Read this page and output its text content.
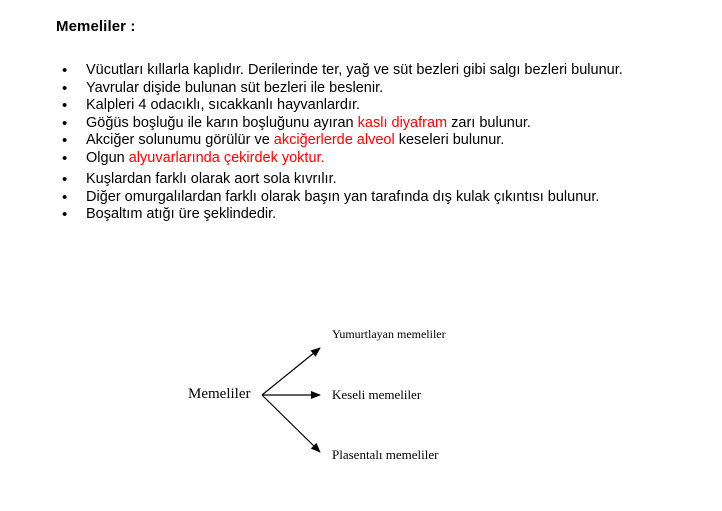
Memeliler :
• Vücutları kıllarla kaplıdır. Derilerinde ter, yağ ve süt bezleri gibi salgı bezleri bulunur.
• Yavrular dişide bulunan süt bezleri ile beslenir.
• Kalpleri 4 odacıklı, sıcakkanlı hayvanlardır.
• Göğüs boşluğu ile karın boşluğunu ayıran kaslı diyafram zarı bulunur.
• Akciğer solunumu görülür ve akciğerlerde alveol keseleri bulunur.
• Olgun alyuvarlarında çekirdek yoktur.
• Kuşlardan farklı olarak aort sola kıvrılır.
• Diğer omurgalılardan farklı olarak başın yan tarafında dış kulak çıkıntısı bulunur.
• Boşaltım atığı üre şeklindedir.
Memeliler
Yumurtlayan memeliler
Keseli memeliler
Plasentalı memeliler
